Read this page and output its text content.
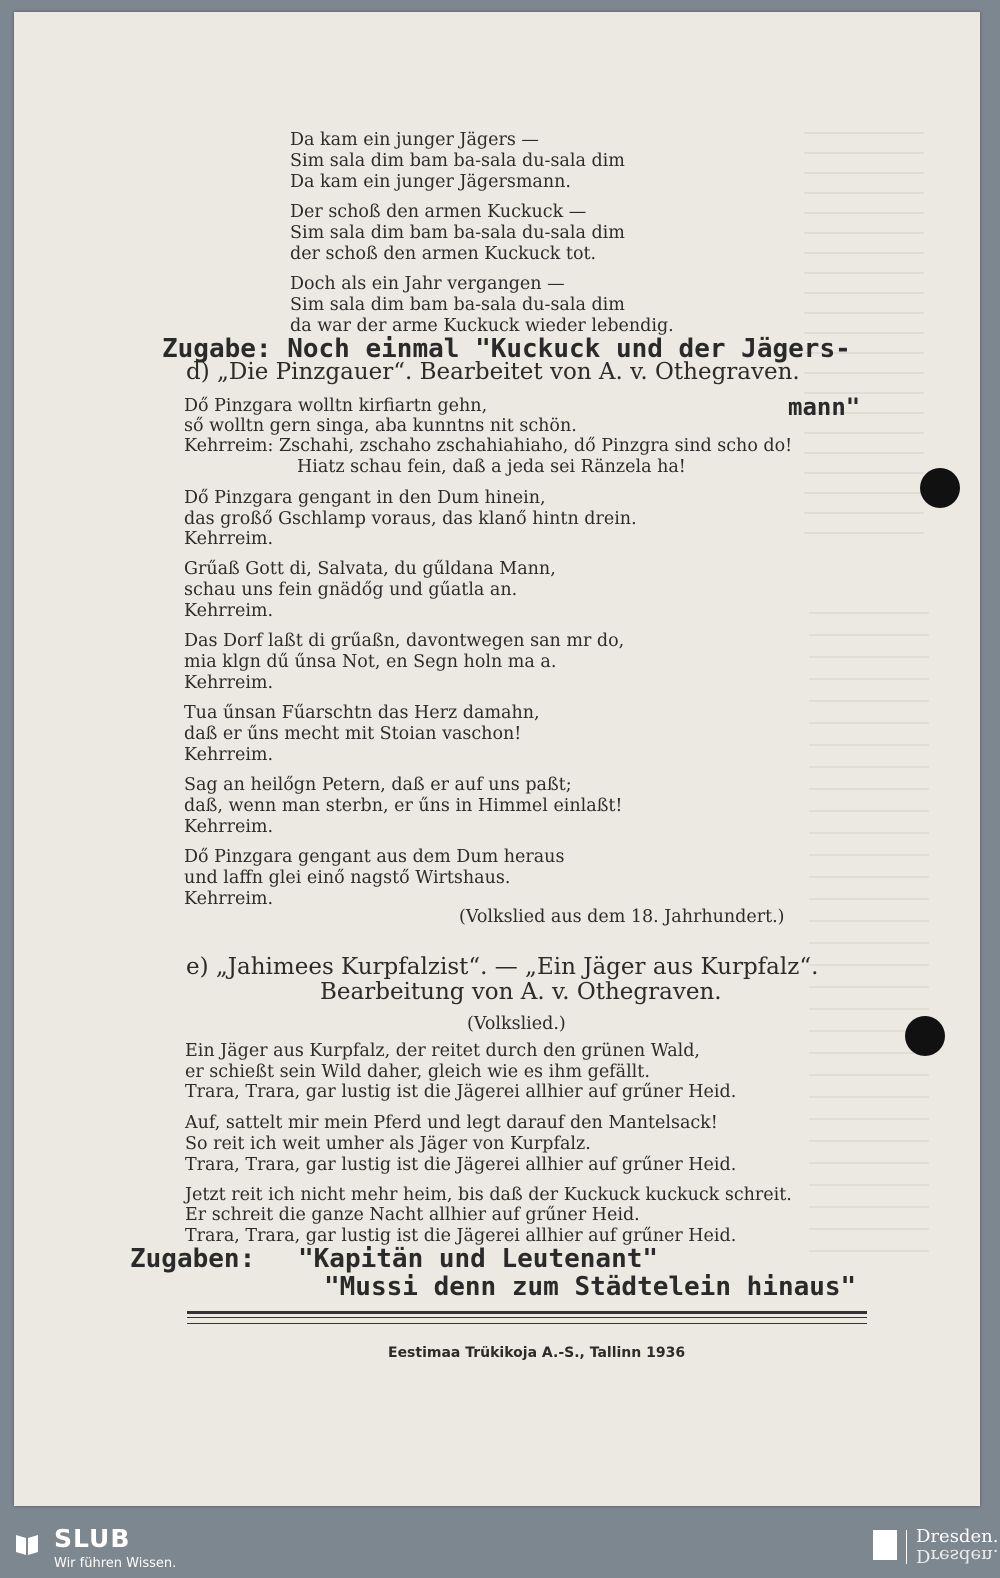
Da kam ein junger Jägers —
Sim sala dim bam ba-sala du-sala dim
Da kam ein junger Jägersmann.
Der schoß den armen Kuckuck —
Sim sala dim bam ba-sala du-sala dim
der schoß den armen Kuckuck tot.
Doch als ein Jahr vergangen —
Sim sala dim bam ba-sala du-sala dim
da war der arme Kuckuck wieder lebendig.
Zugabe: Noch einmal "Kuckuck und der Jägers-
mann"
d) „Die Pinzgauer“. Bearbeitet von A. v. Othegraven.
Dő Pinzgara wolltn kirfiartn gehn,
ső wolltn gern singa, aba kunntns nit schön.
Kehrreim: Zschahi, zschaho zschahiahiaho, dő Pinzgra sind scho do!
Hiatz schau fein, daß a jeda sei Ränzela ha!
Dő Pinzgara gengant in den Dum hinein,
das großő Gschlamp voraus, das klanő hintn drein.
Kehrreim.
Grűaß Gott di, Salvata, du gűldana Mann,
schau uns fein gnädőg und gűatla an.
Kehrreim.
Das Dorf laßt di grűaßn, davontwegen san mr do,
mia klgn dű űnsa Not, en Segn holn ma a.
Kehrreim.
Tua űnsan Fűarschtn das Herz damahn,
daß er űns mecht mit Stoian vaschon!
Kehrreim.
Sag an heilőgn Petern, daß er auf uns paßt;
daß, wenn man sterbn, er űns in Himmel einlaßt!
Kehrreim.
Dő Pinzgara gengant aus dem Dum heraus
und laffn glei einő nagstő Wirtshaus.
Kehrreim.
(Volkslied aus dem 18. Jahrhundert.)
e) „Jahimees Kurpfalzist“. — „Ein Jäger aus Kurpfalz“.
Bearbeitung von A. v. Othegraven.
(Volkslied.)
Ein Jäger aus Kurpfalz, der reitet durch den grünen Wald,
er schießt sein Wild daher, gleich wie es ihm gefällt.
Trara, Trara, gar lustig ist die Jägerei allhier auf grűner Heid.
Auf, sattelt mir mein Pferd und legt darauf den Mantelsack!
So reit ich weit umher als Jäger von Kurpfalz.
Trara, Trara, gar lustig ist die Jägerei allhier auf grűner Heid.
Jetzt reit ich nicht mehr heim, bis daß der Kuckuck kuckuck schreit.
Er schreit die ganze Nacht allhier auf grűner Heid.
Trara, Trara, gar lustig ist die Jägerei allhier auf grűner Heid.
Zugaben: "Kapitän und Leutenant"
"Mussi denn zum Städtelein hinaus"
Eestimaa Trükikoja A.-S., Tallinn 1936
SLUB
Wir führen Wissen.
Dresden.
Dresden.
